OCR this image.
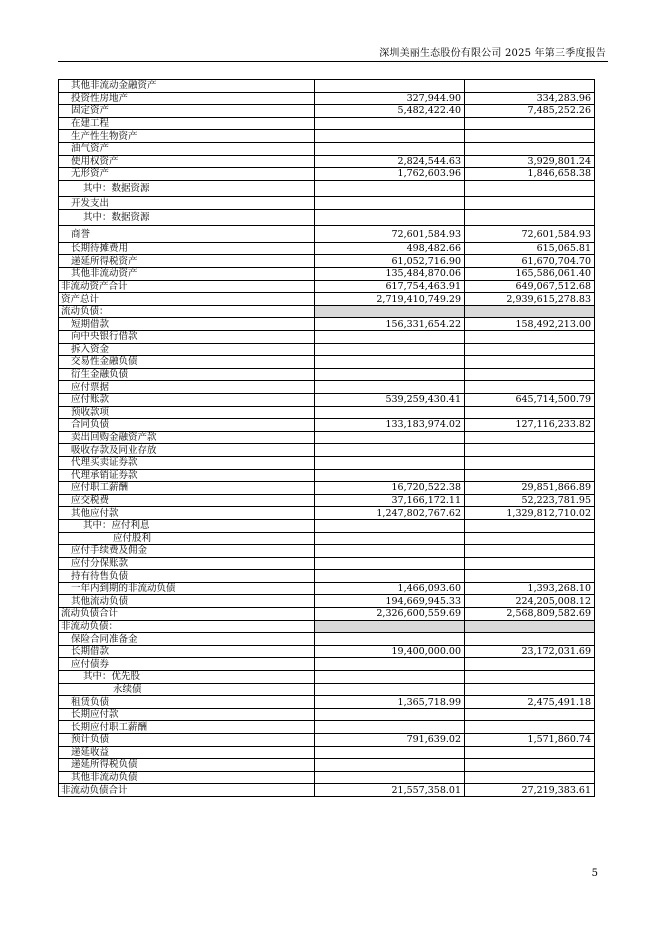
深圳美丽生态股份有限公司 2025 年第三季度报告
其他非流动金融资产		
投资性房地产	327,944.90	334,283.96
固定资产	5,482,422.40	7,485,252.26
在建工程		
生产性生物资产		
油气资产		
使用权资产	2,824,544.63	3,929,801.24
无形资产	1,762,603.96	1,846,658.38
其中：数据资源		
开发支出		
其中：数据资源		
商誉	72,601,584.93	72,601,584.93
长期待摊费用	498,482.66	615,065.81
递延所得税资产	61,052,716.90	61,670,704.70
其他非流动资产	135,484,870.06	165,586,061.40
非流动资产合计	617,754,463.91	649,067,512.68
资产总计	2,719,410,749.29	2,939,615,278.83
流动负债：		
短期借款	156,331,654.22	158,492,213.00
向中央银行借款		
拆入资金		
交易性金融负债		
衍生金融负债		
应付票据		
应付账款	539,259,430.41	645,714,500.79
预收款项		
合同负债	133,183,974.02	127,116,233.82
卖出回购金融资产款		
吸收存款及同业存放		
代理买卖证券款		
代理承销证券款		
应付职工薪酬	16,720,522.38	29,851,866.89
应交税费	37,166,172.11	52,223,781.95
其他应付款	1,247,802,767.62	1,329,812,710.02
其中：应付利息		
应付股利		
应付手续费及佣金		
应付分保账款		
持有待售负债		
一年内到期的非流动负债	1,466,093.60	1,393,268.10
其他流动负债	194,669,945.33	224,205,008.12
流动负债合计	2,326,600,559.69	2,568,809,582.69
非流动负债：		
保险合同准备金		
长期借款	19,400,000.00	23,172,031.69
应付债券		
其中：优先股		
永续债		
租赁负债	1,365,718.99	2,475,491.18
长期应付款		
长期应付职工薪酬		
预计负债	791,639.02	1,571,860.74
递延收益		
递延所得税负债		
其他非流动负债		
非流动负债合计	21,557,358.01	27,219,383.61
5
